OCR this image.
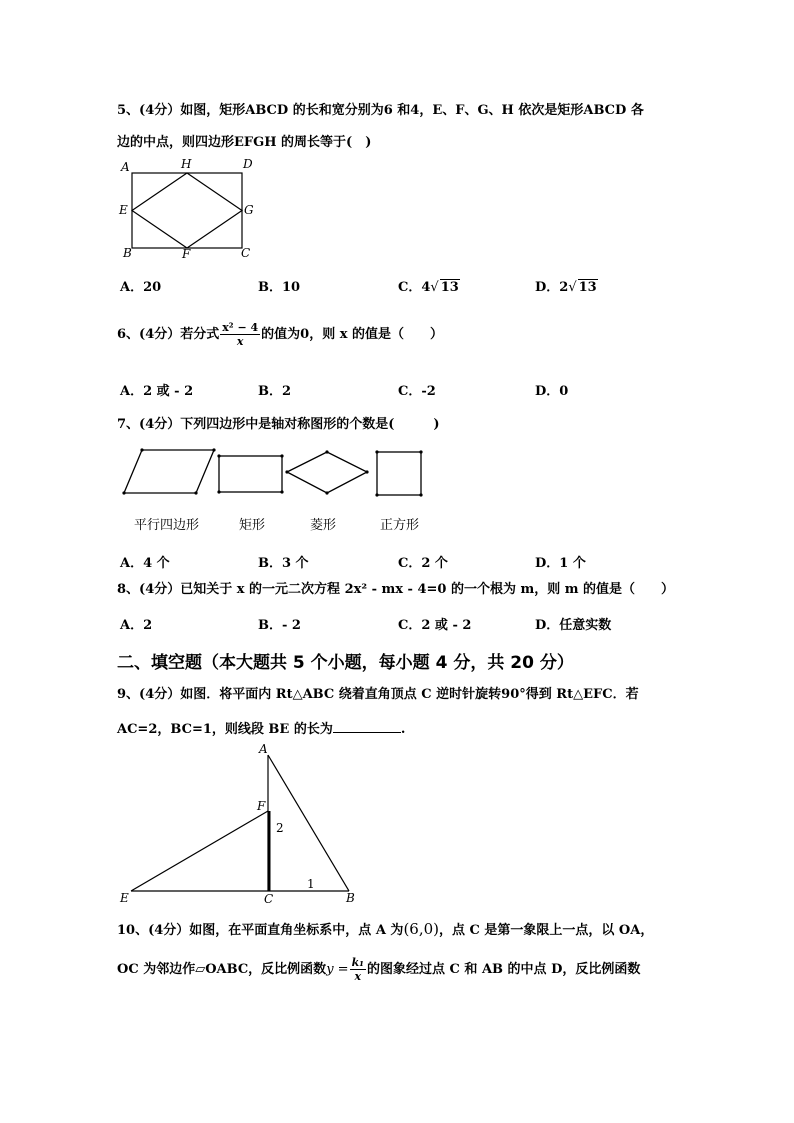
5、(4分）如图，矩形ABCD 的长和宽分别为6 和4，E、F、G、H 依次是矩形ABCD 各
边的中点，则四边形EFGH 的周长等于(　)
A	H	D
E	G
B	F	C
A．20	B．10	C．4√ 13	D．2√ 13
6、(4分）若分式 $\frac{\text{x² − 4}}{x}$ 的值为0，则 x 的值是（　　）
A．2 或 - 2	B．2	C．-2	D．0
7、(4分）下列四边形中是轴对称图形的个数是(　　　)
平行四边形	矩形	菱形	正方形
A．4 个	B．3 个	C．2 个	D．1 个
8、(4分）已知关于 x 的一元二次方程 2x² - mx - 4=0 的一个根为 m，则 m 的值是（　　）
A．2	B．- 2	C．2 或 - 2	D．任意实数
二、填空题（本大题共 5 个小题，每小题 4 分，共 20 分）
9、(4分）如图．将平面内 Rt△ABC 绕着直角顶点 C 逆时针旋转90°得到 Rt△EFC．若
AC=2，BC=1，则线段 BE 的长为	.
A
F
2
1
E	C	B
10、(4分）如图，在平面直角坐标系中，点 A 为(6,0)，点 C 是第一象限上一点，以 OA，
OC 为邻边作▱OABC，反比例函数$y = \frac{\text{k₁}}{x}$ 的图象经过点 C 和 AB 的中点 D，反比例函数
